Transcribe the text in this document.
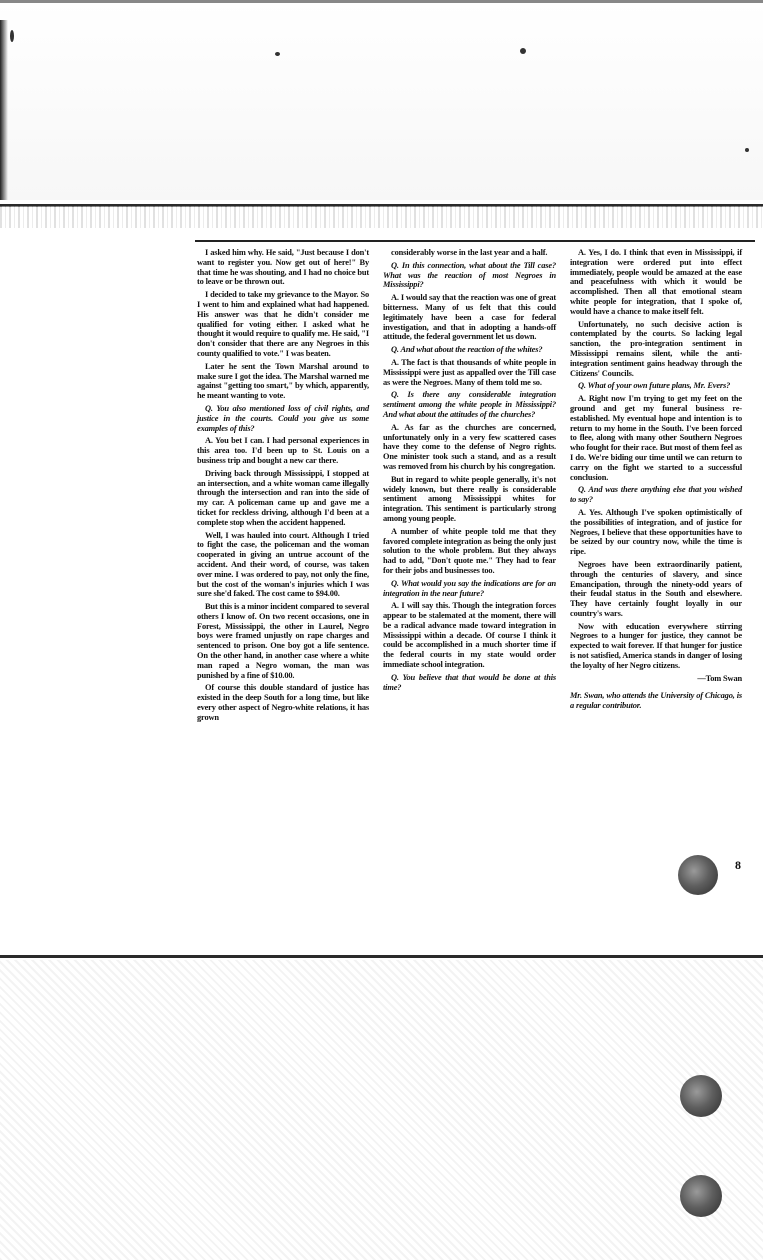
I asked him why. He said, "Just because I don't want to register you. Now get out of here!" By that time he was shouting, and I had no choice but to leave or be thrown out.

I decided to take my grievance to the Mayor. So I went to him and explained what had happened. His answer was that he didn't consider me qualified for voting either. I asked what he thought it would require to qualify me. He said, "I don't consider that there are any Negroes in this county qualified to vote." I was beaten.

Later he sent the Town Marshal around to make sure I got the idea. The Marshal warned me against "getting too smart," by which, apparently, he meant wanting to vote.

Q. You also mentioned loss of civil rights, and justice in the courts. Could you give us some examples of this?

A. You bet I can. I had personal experiences in this area too. I'd been up to St. Louis on a business trip and bought a new car there.

Driving back through Mississippi, I stopped at an intersection, and a white woman came illegally through the intersection and ran into the side of my car. A policeman came up and gave me a ticket for reckless driving, although I'd been at a complete stop when the accident happened.

Well, I was hauled into court. Although I tried to fight the case, the policeman and the woman cooperated in giving an untrue account of the accident. And their word, of course, was taken over mine. I was ordered to pay, not only the fine, but the cost of the woman's injuries which I was sure she'd faked. The cost came to $94.00.

But this is a minor incident compared to several others I know of. On two recent occasions, one in Forest, Mississippi, the other in Laurel, Negro boys were framed unjustly on rape charges and sentenced to prison. One boy got a life sentence. On the other hand, in another case where a white man raped a Negro woman, the man was punished by a fine of $10.00.

Of course this double standard of justice has existed in the deep South for a long time, but like every other aspect of Negro-white relations, it has grown

considerably worse in the last year and a half.

Q. In this connection, what about the Till case? What was the reaction of most Negroes in Mississippi?

A. I would say that the reaction was one of great bitterness. Many of us felt that this could legitimately have been a case for federal investigation, and that in adopting a hands-off attitude, the federal government let us down.

Q. And what about the reaction of the whites?

A. The fact is that thousands of white people in Mississippi were just as appalled over the Till case as were the Negroes. Many of them told me so.

Q. Is there any considerable integration sentiment among the white people in Mississippi? And what about the attitudes of the churches?

A. As far as the churches are concerned, unfortunately only in a very few scattered cases have they come to the defense of Negro rights. One minister took such a stand, and as a result was removed from his church by his congregation.

But in regard to white people generally, it's not widely known, but there really is considerable sentiment among Mississippi whites for integration. This sentiment is particularly strong among young people.

A number of white people told me that they favored complete integration as being the only just solution to the whole problem. But they always had to add, "Don't quote me." They had to fear for their jobs and businesses too.

Q. What would you say the indications are for an integration in the near future?

A. I will say this. Though the integration forces appear to be stalemated at the moment, there will be a radical advance made toward integration in Mississippi within a decade. Of course I think it could be accomplished in a much shorter time if the federal courts in my state would order immediate school integration.

Q. You believe that that would be done at this time?

A. Yes, I do. I think that even in Mississippi, if integration were ordered put into effect immediately, people would be amazed at the ease and peacefulness with which it would be accomplished. Then all that emotional steam white people for integration, that I spoke of, would have a chance to make itself felt.

Unfortunately, no such decisive action is contemplated by the courts. So lacking legal sanction, the pro-integration sentiment in Mississippi remains silent, while the anti-integration sentiment gains headway through the Citizens' Councils.

Q. What of your own future plans, Mr. Evers?

A. Right now I'm trying to get my feet on the ground and get my funeral business re-established. My eventual hope and intention is to return to my home in the South. I've been forced to flee, along with many other Southern Negroes who fought for their race. But most of them feel as I do. We're biding our time until we can return to carry on the fight we started to a successful conclusion.

Q. And was there anything else that you wished to say?

A. Yes. Although I've spoken optimistically of the possibilities of integration, and of justice for Negroes, I believe that these opportunities have to be seized by our country now, while the time is ripe.

Negroes have been extraordinarily patient, through the centuries of slavery, and since Emancipation, through the ninety-odd years of their feudal status in the South and elsewhere. They have certainly fought loyally in our country's wars.

Now with education everywhere stirring Negroes to a hunger for justice, they cannot be expected to wait forever. If that hunger for justice is not satisfied, America stands in danger of losing the loyalty of her Negro citizens.

—Tom Swan

Mr. Swan, who attends the University of Chicago, is a regular contributor.

8
